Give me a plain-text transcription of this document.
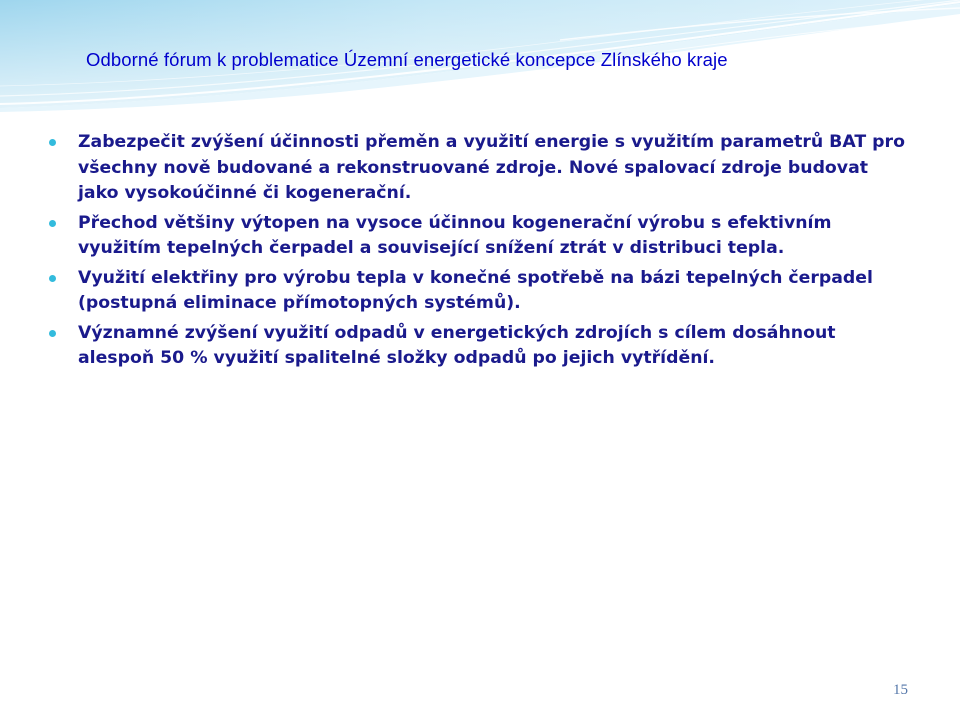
Odborné fórum k problematice Územní energetické koncepce Zlínského kraje
Zabezpečit zvýšení účinnosti přeměn a využití energie s využitím parametrů BAT pro všechny nově budované a rekonstruované zdroje. Nové spalovací zdroje budovat jako vysokoúčinné či kogenerační.
Přechod většiny výtopen na vysoce účinnou kogenerační výrobu s efektivním využitím tepelných čerpadel a související snížení ztrát v distribuci tepla.
Využití elektřiny pro výrobu tepla v konečné spotřebě na bázi tepelných čerpadel (postupná eliminace přímotopných systémů).
Významné zvýšení využití odpadů v energetických zdrojích s cílem dosáhnout alespoň 50 % využití spalitelné složky odpadů po jejich vytřídění.
15
